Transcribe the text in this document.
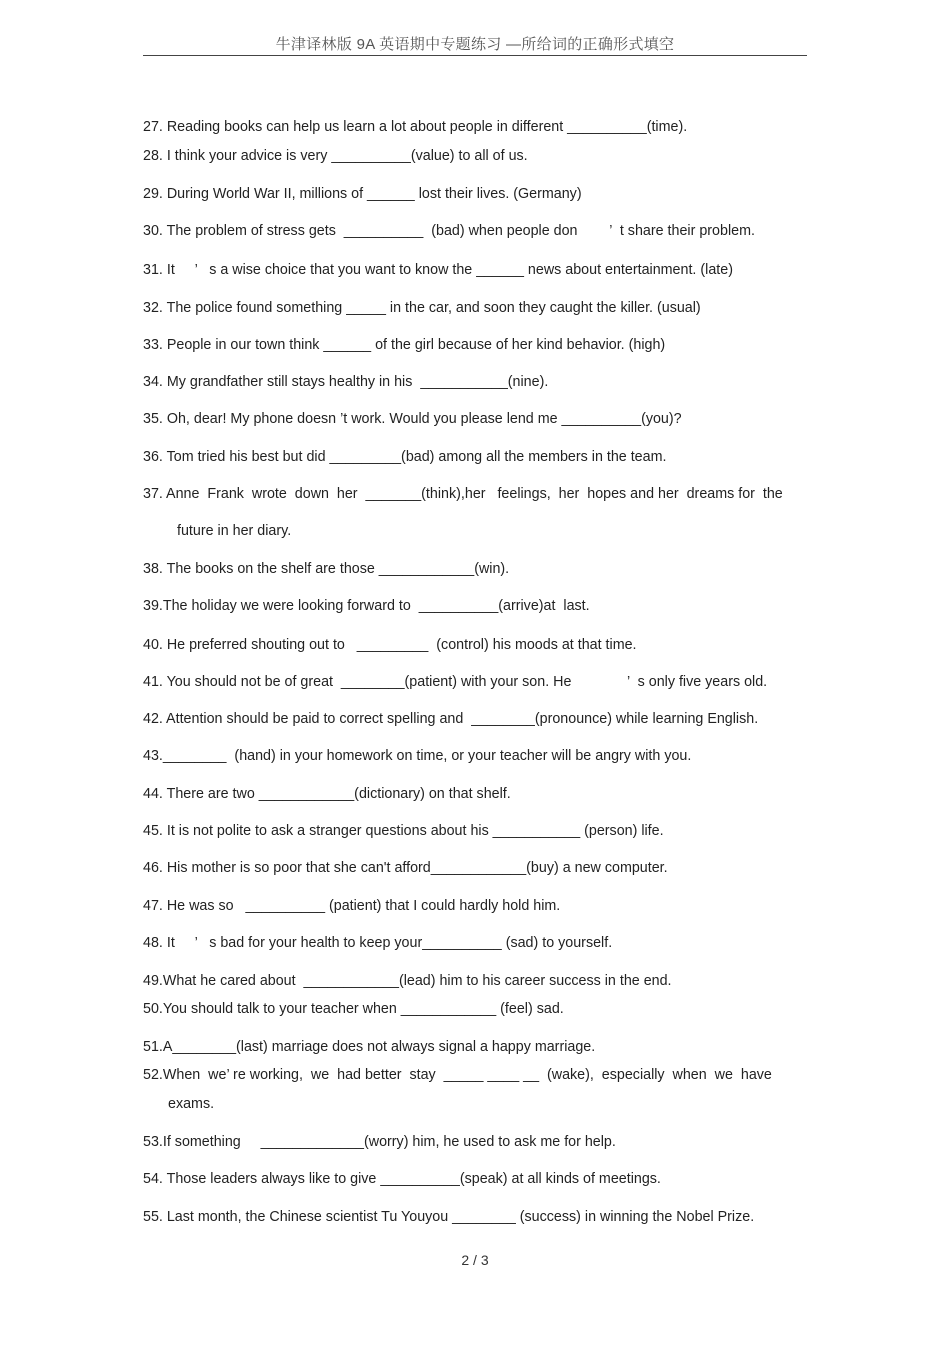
牛津译林版 9A 英语期中专题练习 —所给词的正确形式填空
27. Reading books can help us learn a lot about people in different __________(time).
28. I think your advice is very __________(value) to all of us.
29. During World War II, millions of ______ lost their lives. (Germany)
30. The problem of stress gets  __________  (bad) when people don        ’  t share their problem.
31. It     ’   s a wise choice that you want to know the ______ news about entertainment. (late)
32. The police found something _____ in the car, and soon they caught the killer. (usual)
33. People in our town think ______ of the girl because of her kind behavior. (high)
34. My grandfather still stays healthy in his  ___________(nine).
35. Oh, dear! My phone doesn ’t work. Would you please lend me __________(you)?
36. Tom tried his best but did _________(bad) among all the members in the team.
37. Anne  Frank  wrote  down  her  _______(think),her   feelings,  her  hopes and her  dreams for  the
future in her diary.
38. The books on the shelf are those ____________(win).
39.The holiday we were looking forward to  __________(arrive)at  last.
40. He preferred shouting out to   _________  (control) his moods at that time.
41. You should not be of great  ________(patient) with your son. He              ’  s only five years old.
42. Attention should be paid to correct spelling and  ________(pronounce) while learning English.
43.________  (hand) in your homework on time, or your teacher will be angry with you.
44. There are two ____________(dictionary) on that shelf.
45. It is not polite to ask a stranger questions about his ___________ (person) life.
46. His mother is so poor that she can't afford____________(buy) a new computer.
47. He was so   __________ (patient) that I could hardly hold him.
48. It     ’   s bad for your health to keep your__________ (sad) to yourself.
49.What he cared about  ____________(lead) him to his career success in the end.
50.You should talk to your teacher when ____________ (feel) sad.
51.A________(last) marriage does not always signal a happy marriage.
52.When  we’ re working,  we  had better  stay  _____ ____ __  (wake),  especially  when  we  have
exams.
53.If something     _____________(worry) him, he used to ask me for help.
54. Those leaders always like to give __________(speak) at all kinds of meetings.
55. Last month, the Chinese scientist Tu Youyou ________ (success) in winning the Nobel Prize.
2 / 3
